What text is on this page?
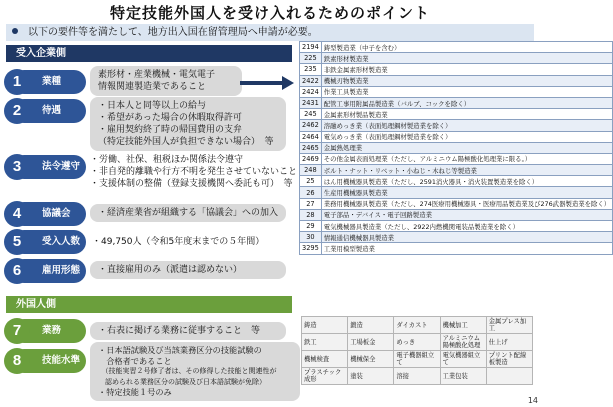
特定技能外国人を受け入れるためのポイント
以下の要件等を満たして、地方出入国在留管理局へ申請が必要。
受入企業側
外国人側
業種
1	素形材・産業機械・電気電子
情報関連製造業であること
待遇
2	・日本人と同等以上の給与
・希望があった場合の休暇取得許可
・雇用契約終了時の帰国費用の支弁
（特定技能外国人が負担できない場合）　等
法令遵守
3	・労働、社保、租税ほか関係法令遵守
・非自発的離職や行方不明を発生させていないこと
・支援体制の整備（登録支援機関へ委託も可）　等
協議会
4	・経済産業省が組織する「協議会」への加入
受入人数
5	・49,750人（令和5年度末までの５年間）
雇用形態
6	・直接雇用のみ（派遣は認めない）
業務
7	・右表に掲げる業務に従事すること　等
技能水準
8
・日本語試験及び当該業務区分の技能試験の
　合格者であること
　（技能実習２号修了者は、その修得した技能と関連性が
　認められる業務区分の試験及び日本語試験が免除）
・特定技能１号のみ
2194	鋳型製造業（中子を含む）
225	鉄素形材製造業
235	非鉄金属素形材製造業
2422	機械刃物製造業
2424	作業工具製造業
2431	配管工事用附属品製造業（バルブ、コックを除く）
245	金属素形材製品製造業
2462	溶融めっき業（表面処理鋼材製造業を除く）
2464	電気めっき業（表面処理鋼材製造業を除く）
2465	金属熱処理業
2469	その他金属表面処理業（ただし、アルミニウム陽極酸化処理業に限る。）
248	ボルト・ナット・リベット・小ねじ・木ねじ等製造業
25	はん用機械器具製造業（ただし、2591消火器具・消火装置製造業を除く）
26	生産用機械器具製造業
27	業務用機械器具製造業（ただし、274医療用機械器具・医療用品製造業及び276武器製造業を除く）
28	電子部品・デバイス・電子回路製造業
29	電気機械器具製造業（ただし、2922内燃機関電装品製造業を除く）
30	情報通信機械器具製造業
3295	工業用模型製造業
鋳造	鍛造	ダイカスト	機械加工	金属プレス加工
鉄工	工場板金	めっき	アルミニウム陽極酸化処理	仕上げ
機械検査	機械保全	電子機器組立て	電気機器組立て	プリント配線板製造
プラスチック成形	塗装	溶接	工業包装	
14
